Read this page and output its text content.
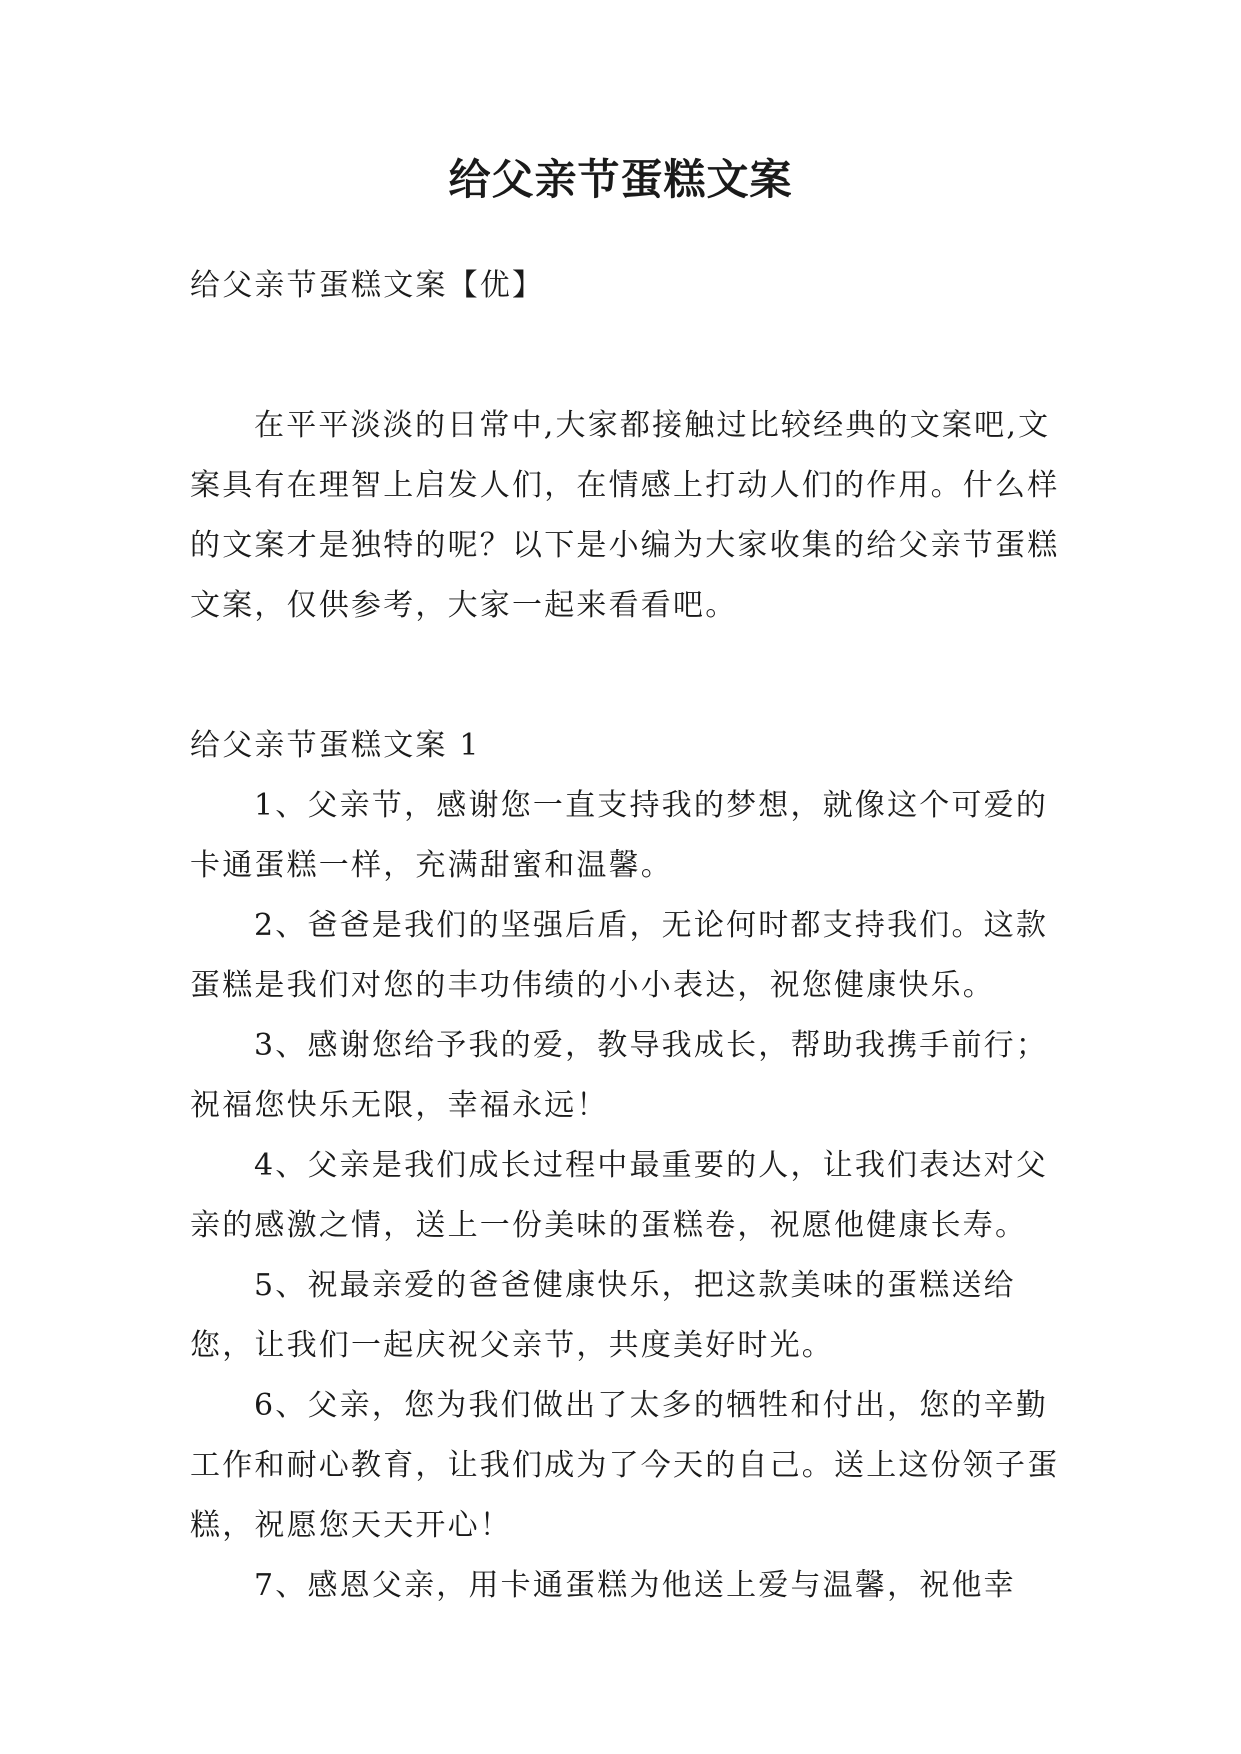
给父亲节蛋糕文案

给父亲节蛋糕文案【优】

在平平淡淡的日常中,大家都接触过比较经典的文案吧,文案具有在理智上启发人们，在情感上打动人们的作用。什么样的文案才是独特的呢？以下是小编为大家收集的给父亲节蛋糕文案，仅供参考，大家一起来看看吧。

给父亲节蛋糕文案 1

1、父亲节，感谢您一直支持我的梦想，就像这个可爱的卡通蛋糕一样，充满甜蜜和温馨。

2、爸爸是我们的坚强后盾，无论何时都支持我们。这款蛋糕是我们对您的丰功伟绩的小小表达，祝您健康快乐。

3、感谢您给予我的爱，教导我成长，帮助我携手前行；祝福您快乐无限，幸福永远！

4、父亲是我们成长过程中最重要的人，让我们表达对父亲的感激之情，送上一份美味的蛋糕卷，祝愿他健康长寿。

5、祝最亲爱的爸爸健康快乐，把这款美味的蛋糕送给您，让我们一起庆祝父亲节，共度美好时光。

6、父亲，您为我们做出了太多的牺牲和付出，您的辛勤工作和耐心教育，让我们成为了今天的自己。送上这份领子蛋糕，祝愿您天天开心！

7、感恩父亲，用卡通蛋糕为他送上爱与温馨，祝他幸
